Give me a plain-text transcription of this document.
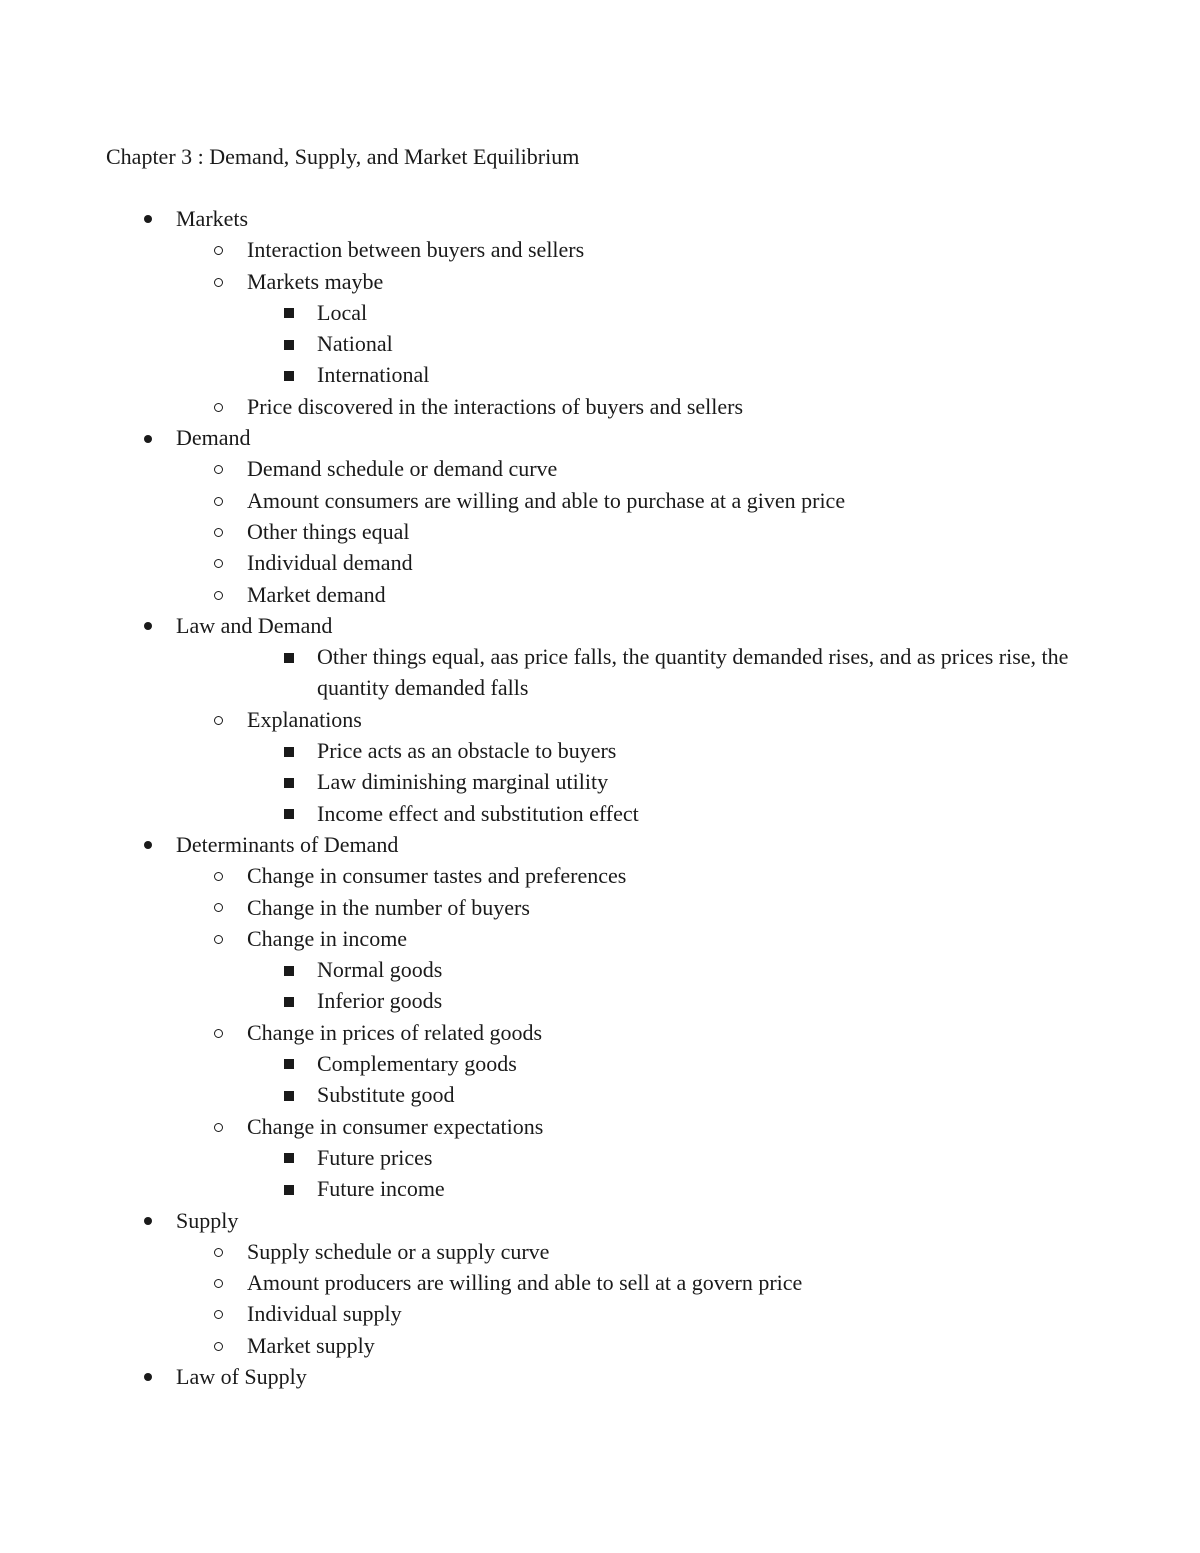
Chapter 3 : Demand, Supply, and Market Equilibrium
Markets
Interaction between buyers and sellers
Markets maybe
Local
National
International
Price discovered in the interactions of buyers and sellers
Demand
Demand schedule or demand curve
Amount consumers are willing and able to purchase at a given price
Other things equal
Individual demand
Market demand
Law and Demand
Other things equal, aas price falls, the quantity demanded rises, and as prices rise, the quantity demanded falls
Explanations
Price acts as an obstacle to buyers
Law diminishing marginal utility
Income effect and substitution effect
Determinants of Demand
Change in consumer tastes and preferences
Change in the number of buyers
Change in income
Normal goods
Inferior goods
Change in prices of related goods
Complementary goods
Substitute good
Change in consumer expectations
Future prices
Future income
Supply
Supply schedule or a supply curve
Amount producers are willing and able to sell at a govern price
Individual supply
Market supply
Law of Supply
